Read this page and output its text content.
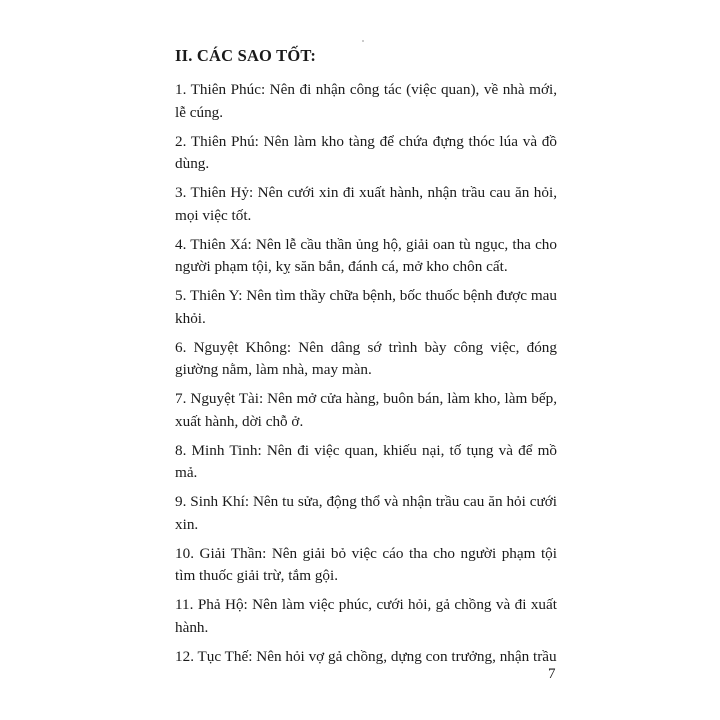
II. CÁC SAO TỐT:

1. Thiên Phúc: Nên đi nhận công tác (việc quan), về nhà mới, lễ cúng.

2. Thiên Phú: Nên làm kho tàng để chứa đựng thóc lúa và đồ dùng.

3. Thiên Hỷ: Nên cưới xin đi xuất hành, nhận trầu cau ăn hỏi, mọi việc tốt.

4. Thiên Xá: Nên lễ cầu thần ủng hộ, giải oan tù ngục, tha cho người phạm tội, kỵ săn bắn, đánh cá, mở kho chôn cất.

5. Thiên Y: Nên tìm thầy chữa bệnh, bốc thuốc bệnh được mau khỏi.

6. Nguyệt Không: Nên dâng sớ trình bày công việc, đóng giường nằm, làm nhà, may màn.

7. Nguyệt Tài: Nên mở cửa hàng, buôn bán, làm kho, làm bếp, xuất hành, dời chỗ ở.

8. Minh Tinh: Nên đi việc quan, khiếu nại, tố tụng và để mồ mả.

9. Sinh Khí: Nên tu sửa, động thổ và nhận trầu cau ăn hỏi cưới xin.

10. Giải Thần: Nên giải bỏ việc cáo tha cho người phạm tội tìm thuốc giải trừ, tắm gội.

11. Phả Hộ: Nên làm việc phúc, cưới hỏi, gả chồng và đi xuất hành.

12. Tục Thế: Nên hỏi vợ gả chồng, dựng con trưởng, nhận trầu

7
